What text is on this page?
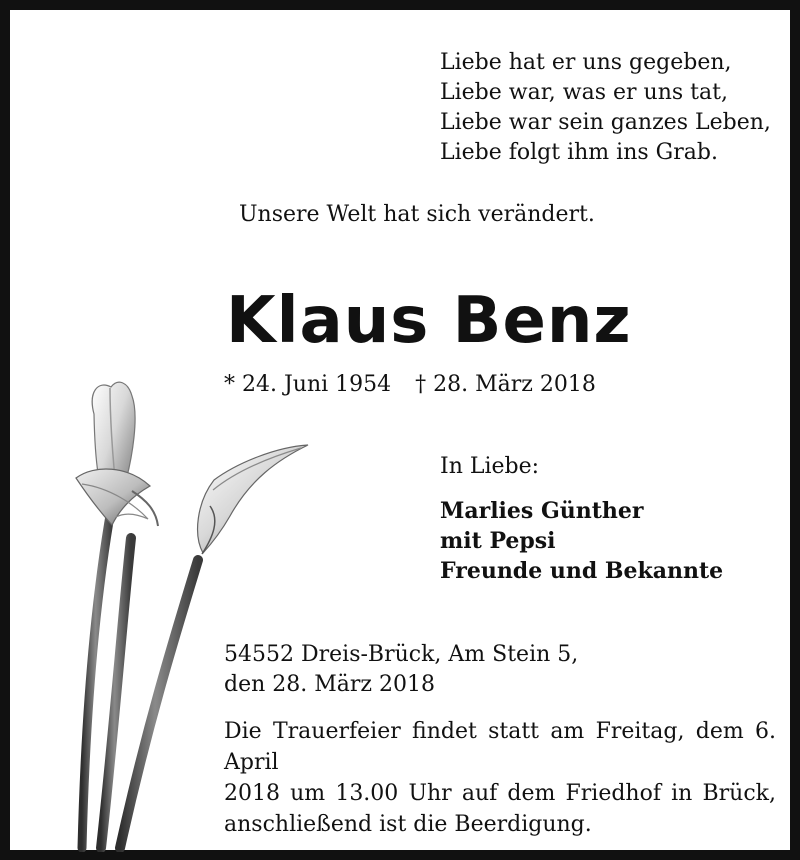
Liebe hat er uns gegeben,
Liebe war, was er uns tat,
Liebe war sein ganzes Leben,
Liebe folgt ihm ins Grab.
Unsere Welt hat sich verändert.
Klaus Benz
* 24. Juni 1954 † 28. März 2018
In Liebe:
Marlies Günther
mit Pepsi
Freunde und Bekannte
54552 Dreis-Brück, Am Stein 5,
den 28. März 2018
Die Trauerfeier findet statt am Freitag, dem 6. April
2018 um 13.00 Uhr auf dem Friedhof in Brück,
anschließend ist die Beerdigung.
